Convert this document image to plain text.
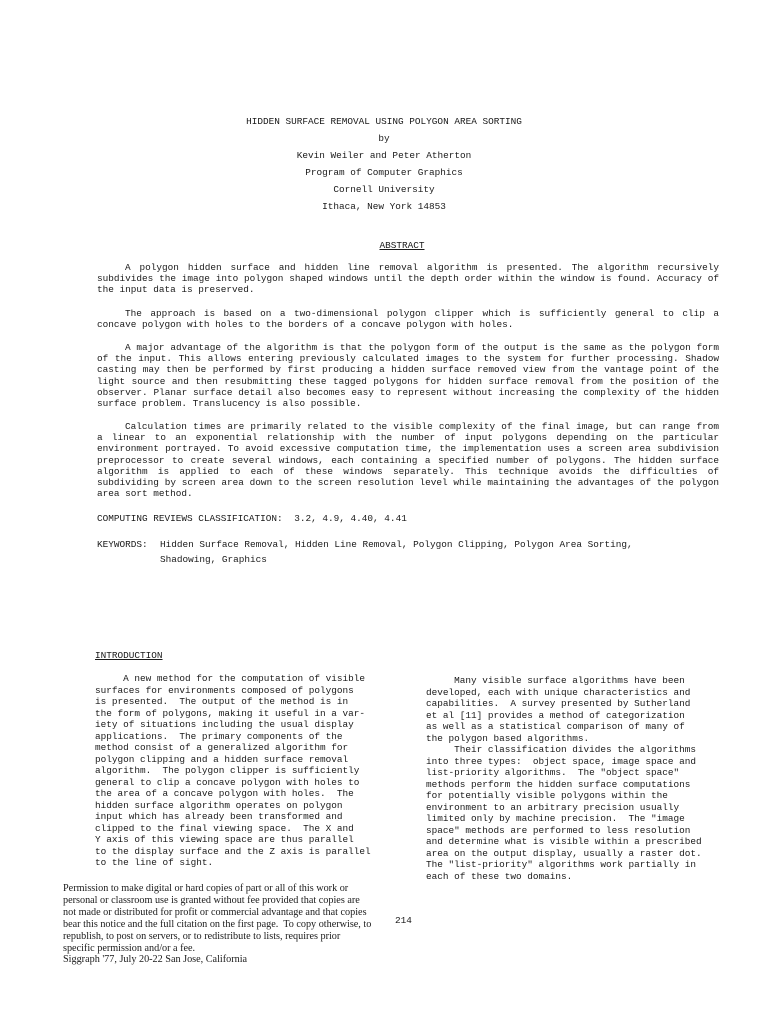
HIDDEN SURFACE REMOVAL USING POLYGON AREA SORTING
by
Kevin Weiler and Peter Atherton
Program of Computer Graphics
Cornell University
Ithaca, New York 14853
ABSTRACT
A polygon hidden surface and hidden line removal algorithm is presented. The algorithm recursively subdivides the image into polygon shaped windows until the depth order within the window is found. Accuracy of the input data is preserved.
The approach is based on a two-dimensional polygon clipper which is sufficiently general to clip a concave polygon with holes to the borders of a concave polygon with holes.
A major advantage of the algorithm is that the polygon form of the output is the same as the polygon form of the input. This allows entering previously calculated images to the system for further processing. Shadow casting may then be performed by first producing a hidden surface removed view from the vantage point of the light source and then resubmitting these tagged polygons for hidden surface removal from the position of the observer. Planar surface detail also becomes easy to represent without increasing the complexity of the hidden surface problem. Translucency is also possible.
Calculation times are primarily related to the visible complexity of the final image, but can range from a linear to an exponential relationship with the number of input polygons depending on the particular environment portrayed. To avoid excessive computation time, the implementation uses a screen area subdivision preprocessor to create several windows, each containing a specified number of polygons. The hidden surface algorithm is applied to each of these windows separately. This technique avoids the difficulties of subdividing by screen area down to the screen resolution level while maintaining the advantages of the polygon area sort method.
COMPUTING REVIEWS CLASSIFICATION: 3.2, 4.9, 4.40, 4.41
KEYWORDS: Hidden Surface Removal, Hidden Line Removal, Polygon Clipping, Polygon Area Sorting,
Shadowing, Graphics
INTRODUCTION
A new method for the computation of visible
surfaces for environments composed of polygons
is presented.  The output of the method is in
the form of polygons, making it useful in a var-
iety of situations including the usual display
applications.  The primary components of the
method consist of a generalized algorithm for
polygon clipping and a hidden surface removal
algorithm.  The polygon clipper is sufficiently
general to clip a concave polygon with holes to
the area of a concave polygon with holes.  The
hidden surface algorithm operates on polygon
input which has already been transformed and
clipped to the final viewing space.  The X and
Y axis of this viewing space are thus parallel
to the display surface and the Z axis is parallel
to the line of sight.
Many visible surface algorithms have been
developed, each with unique characteristics and
capabilities.  A survey presented by Sutherland
et al [11] provides a method of categorization
as well as a statistical comparison of many of
the polygon based algorithms.
Their classification divides the algorithms
into three types:  object space, image space and
list-priority algorithms.  The "object space"
methods perform the hidden surface computations
for potentially visible polygons within the
environment to an arbitrary precision usually
limited only by machine precision.  The "image
space" methods are performed to less resolution
and determine what is visible within a prescribed
area on the output display, usually a raster dot.
The "list-priority" algorithms work partially in
each of these two domains.
Permission to make digital or hard copies of part or all of this work or
personal or classroom use is granted without fee provided that copies are
not made or distributed for profit or commercial advantage and that copies
bear this notice and the full citation on the first page.  To copy otherwise, to
republish, to post on servers, or to redistribute to lists, requires prior
specific permission and/or a fee.
Siggraph '77, July 20-22 San Jose, California
214
